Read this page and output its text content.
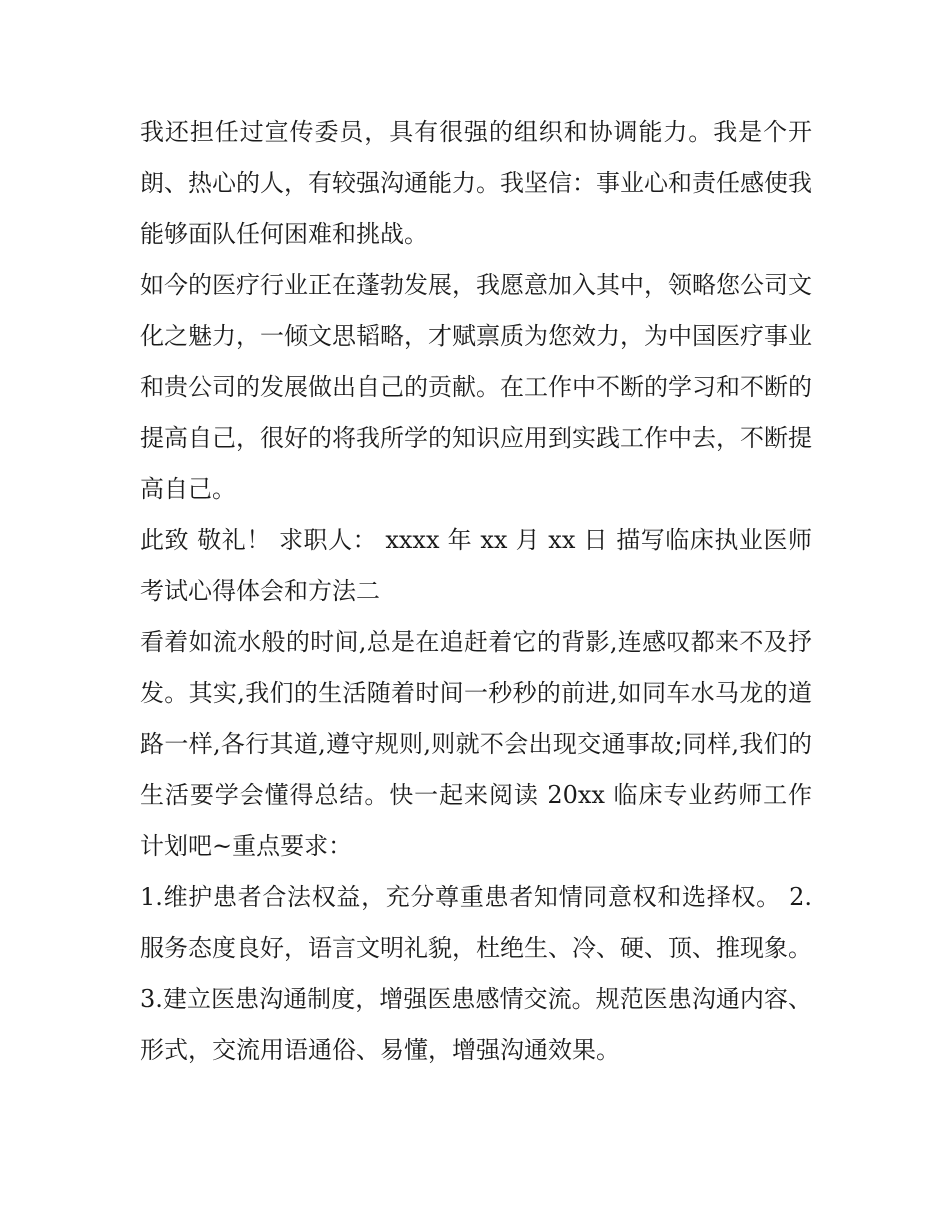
我还担任过宣传委员，具有很强的组织和协调能力。我是个开朗、热心的人，有较强沟通能力。我坚信：事业心和责任感使我能够面队任何困难和挑战。

如今的医疗行业正在蓬勃发展，我愿意加入其中，领略您公司文化之魅力，一倾文思韬略，才赋禀质为您效力，为中国医疗事业和贵公司的发展做出自己的贡献。在工作中不断的学习和不断的提高自己，很好的将我所学的知识应用到实践工作中去，不断提高自己。

此致 敬礼！ 求职人： xxxx 年 xx 月 xx 日 描写临床执业医师考试心得体会和方法二

看着如流水般的时间,总是在追赶着它的背影,连感叹都来不及抒发。其实,我们的生活随着时间一秒秒的前进,如同车水马龙的道路一样,各行其道,遵守规则,则就不会出现交通事故;同样,我们的生活要学会懂得总结。快一起来阅读 20xx 临床专业药师工作计划吧~重点要求：

1.维护患者合法权益，充分尊重患者知情同意权和选择权。 2.服务态度良好，语言文明礼貌，杜绝生、冷、硬、顶、推现象。

3.建立医患沟通制度，增强医患感情交流。规范医患沟通内容、形式，交流用语通俗、易懂，增强沟通效果。
